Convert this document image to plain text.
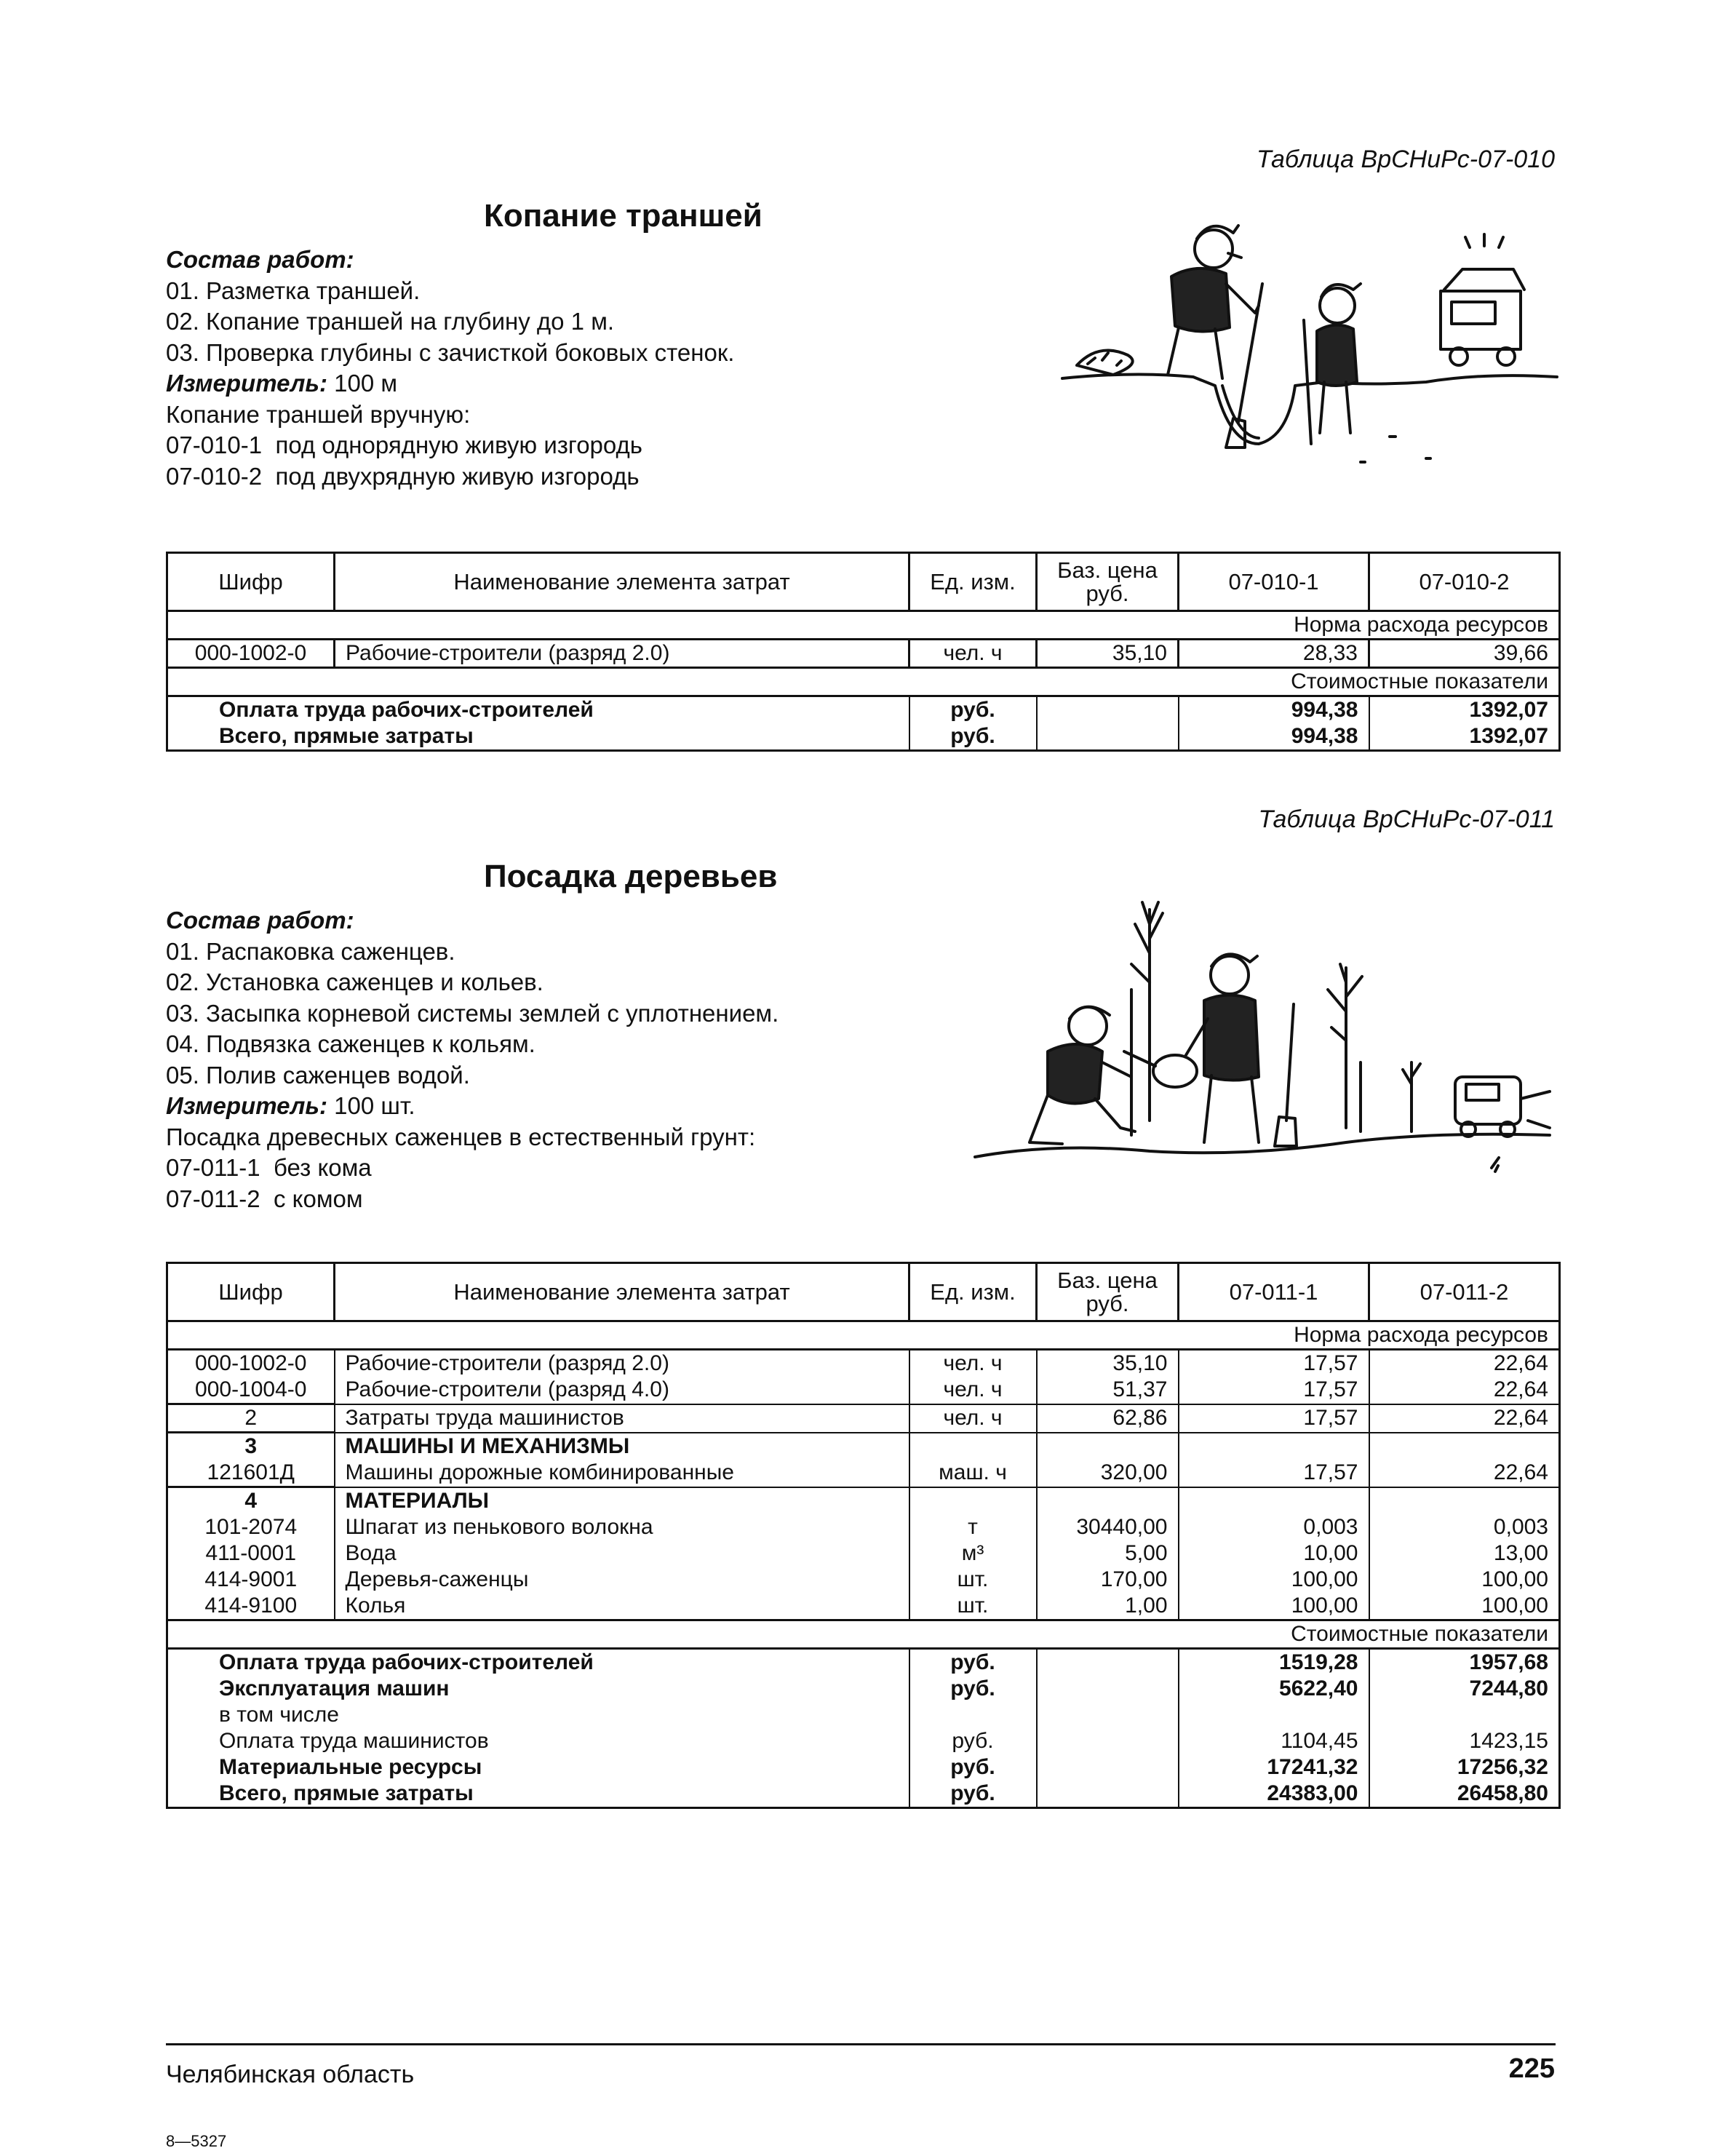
Таблица ВрСНиРс-07-010
Копание траншей
Состав работ:
01. Разметка траншей.
02. Копание траншей на глубину до 1 м.
03. Проверка глубины с зачисткой боковых стенок.
Измеритель: 100 м
Копание траншей вручную:
07-010-1 под однорядную живую изгородь
07-010-2 под двухрядную живую изгородь
Шифр	Наименование элемента затрат	Ед. изм.	Баз. цена руб.	07-010-1	07-010-2
Норма расхода ресурсов					
000-1002-0	Рабочие-строители (разряд 2.0)	чел. ч	35,10	28,33	39,66
Стоимостные показатели					
Оплата труда рабочих-строителей		руб.		994,38	1392,07
Всего, прямые затраты		руб.		994,38	1392,07
Таблица ВрСНиРс-07-011
Посадка деревьев
Состав работ:
01. Распаковка саженцев.
02. Установка саженцев и кольев.
03. Засыпка корневой системы землей с уплотнением.
04. Подвязка саженцев к кольям.
05. Полив саженцев водой.
Измеритель: 100 шт.
Посадка древесных саженцев в естественный грунт:
07-011-1 без кома
07-011-2 с комом
Шифр	Наименование элемента затрат	Ед. изм.	Баз. цена руб.	07-011-1	07-011-2
Норма расхода ресурсов					
000-1002-0	Рабочие-строители (разряд 2.0)	чел. ч	35,10	17,57	22,64
000-1004-0	Рабочие-строители (разряд 4.0)	чел. ч	51,37	17,57	22,64
2	Затраты труда машинистов	чел. ч	62,86	17,57	22,64
3	МАШИНЫ И МЕХАНИЗМЫ				
121601Д	Машины дорожные комбинированные	маш. ч	320,00	17,57	22,64
4	МАТЕРИАЛЫ				
101-2074	Шпагат из пенькового волокна	т	30440,00	0,003	0,003
411-0001	Вода	м³	5,00	10,00	13,00
414-9001	Деревья-саженцы	шт.	170,00	100,00	100,00
414-9100	Колья	шт.	1,00	100,00	100,00
Стоимостные показатели					
Оплата труда рабочих-строителей		руб.		1519,28	1957,68
Эксплуатация машин		руб.		5622,40	7244,80
в том числе					
Оплата труда машинистов		руб.		1104,45	1423,15
Материальные ресурсы		руб.		17241,32	17256,32
Всего, прямые затраты		руб.		24383,00	26458,80
Челябинская область	225
8—5327
